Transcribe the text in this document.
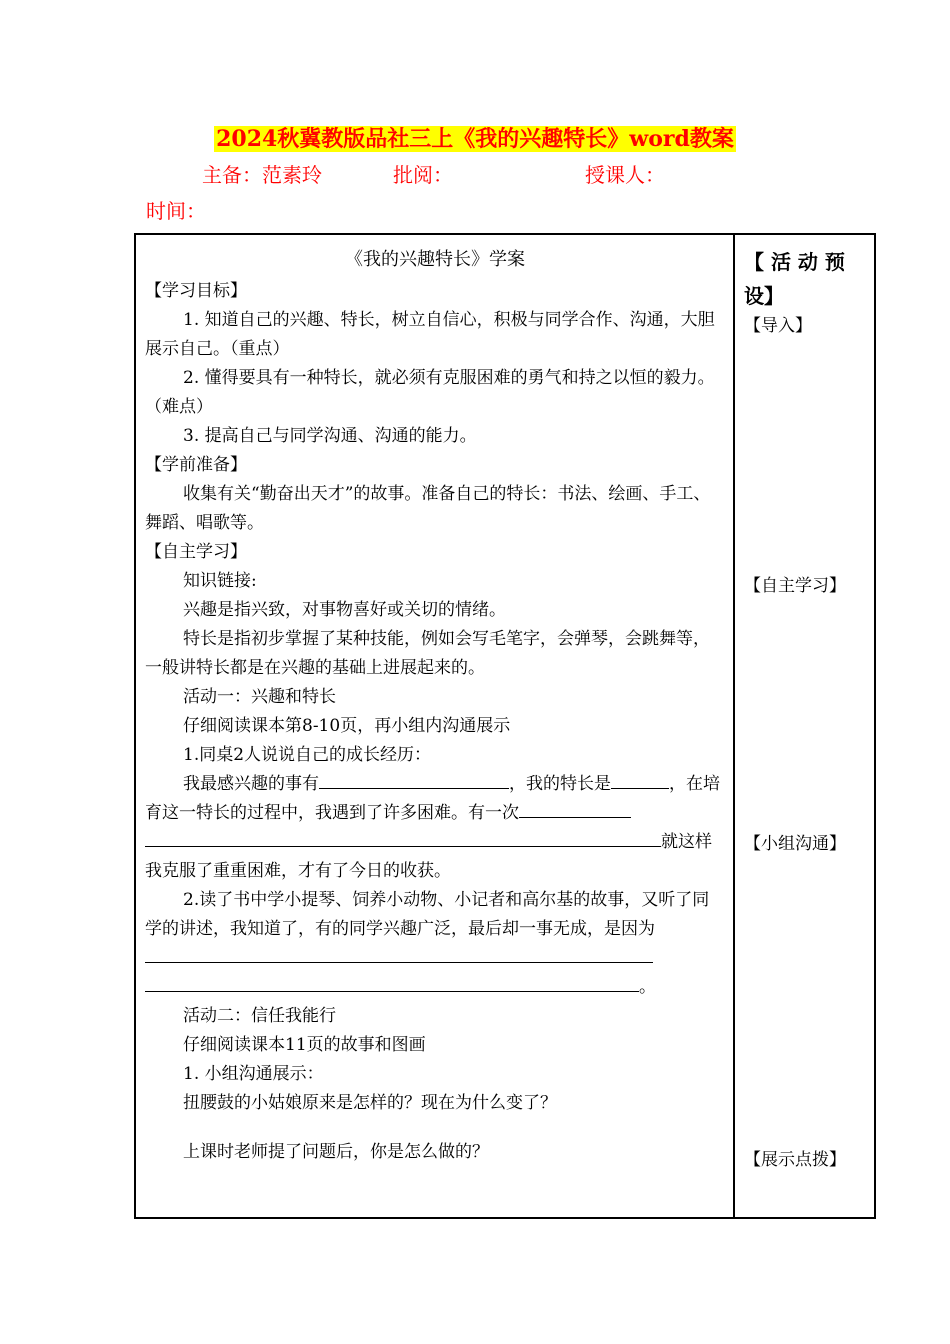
2024秋冀教版品社三上《我的兴趣特长》word教案
主备：范素玲	批阅：	授课人：
时间：

《我的兴趣特长》学案

【学习目标】

1. 知道自己的兴趣、特长，树立自信心，积极与同学合作、沟通，大胆展示自己。（重点）

2. 懂得要具有一种特长，就必须有克服困难的勇气和持之以恒的毅力。（难点）

3. 提高自己与同学沟通、沟通的能力。

【学前准备】

收集有关“勤奋出天才”的故事。准备自己的特长：书法、绘画、手工、舞蹈、唱歌等。

【自主学习】

知识链接:

兴趣是指兴致，对事物喜好或关切的情绪。

特长是指初步掌握了某种技能，例如会写毛笔字，会弹琴，会跳舞等，一般讲特长都是在兴趣的基础上进展起来的。

活动一：兴趣和特长

仔细阅读课本第8-10页，再小组内沟通展示

1.同桌2人说说自己的成长经历：

我最感兴趣的事有	，我的特长是	，在培育这一特长的过程中，我遇到了许多困难。有一次

就这样

我克服了重重困难，才有了今日的收获。

2.读了书中学小提琴、饲养小动物、小记者和高尔基的故事，又听了同学的讲述，我知道了，有的同学兴趣广泛，最后却一事无成，是因为

。

活动二：信任我能行

仔细阅读课本11页的故事和图画

1. 小组沟通展示：

扭腰鼓的小姑娘原来是怎样的？现在为什么变了？

上课时老师提了问题后，你是怎么做的？

【 活 动 预 设】
【导入】
【自主学习】
【小组沟通】
【展示点拨】
